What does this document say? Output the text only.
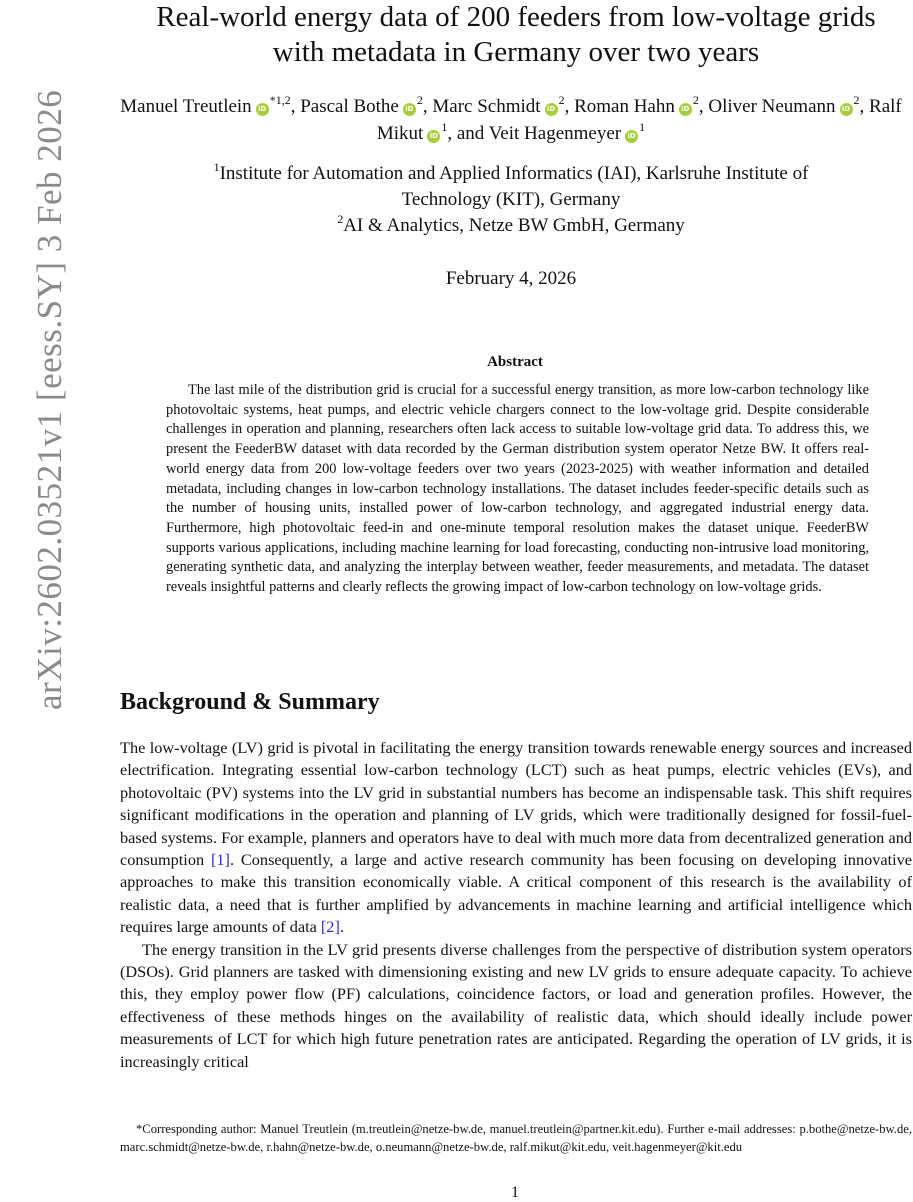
arXiv:2602.03521v1 [eess.SY] 3 Feb 2026
Real-world energy data of 200 feeders from low-voltage grids
with metadata in Germany over two years
Manuel Treutlein iD$^{*1,2}$, Pascal Bothe $iD^2$, Marc Schmidt $iD^2$, Roman Hahn $iD^2$, Oliver Neumann $iD^2$, Ralf Mikut $iD^1$, and Veit Hagenmeyer $iD^1$
$^1$Institute for Automation and Applied Informatics (IAI), Karlsruhe Institute of
Technology (KIT), Germany
$^2$AI & Analytics, Netze BW GmbH, Germany
February 4, 2026
Abstract

The last mile of the distribution grid is crucial for a successful energy transition, as more low-carbon technology like photovoltaic systems, heat pumps, and electric vehicle chargers connect to the low-voltage grid. Despite considerable challenges in operation and planning, researchers often lack access to suitable low-voltage grid data. To address this, we present the FeederBW dataset with data recorded by the German distribution system operator Netze BW. It offers real-world energy data from 200 low-voltage feeders over two years (2023-2025) with weather information and detailed metadata, including changes in low-carbon technology installations. The dataset includes feeder-specific details such as the number of housing units, installed power of low-carbon technology, and aggregated industrial energy data. Furthermore, high photovoltaic feed-in and one-minute temporal resolution makes the dataset unique. FeederBW supports various applications, including machine learning for load forecasting, conducting non-intrusive load monitoring, generating synthetic data, and analyzing the interplay between weather, feeder measurements, and metadata. The dataset reveals insightful patterns and clearly reflects the growing impact of low-carbon technology on low-voltage grids.

Background & Summary

The low-voltage (LV) grid is pivotal in facilitating the energy transition towards renewable energy sources and increased electrification. Integrating essential low-carbon technology (LCT) such as heat pumps, electric vehicles (EVs), and photovoltaic (PV) systems into the LV grid in substantial numbers has become an indispensable task. This shift requires significant modifications in the operation and planning of LV grids, which were traditionally designed for fossil-fuel-based systems. For example, planners and operators have to deal with much more data from decentralized generation and consumption [1]. Consequently, a large and active research community has been focusing on developing innovative approaches to make this transition economically viable. A critical component of this research is the availability of realistic data, a need that is further amplified by advancements in machine learning and artificial intelligence which requires large amounts of data [2].

The energy transition in the LV grid presents diverse challenges from the perspective of distribution system operators (DSOs). Grid planners are tasked with dimensioning existing and new LV grids to ensure adequate capacity. To achieve this, they employ power flow (PF) calculations, coincidence factors, or load and generation profiles. However, the effectiveness of these methods hinges on the availability of realistic data, which should ideally include power measurements of LCT for which high future penetration rates are anticipated. Regarding the operation of LV grids, it is increasingly critical

*Corresponding author: Manuel Treutlein (m.treutlein@netze-bw.de, manuel.treutlein@partner.kit.edu). Further e-mail addresses: p.bothe@netze-bw.de, marc.schmidt@netze-bw.de, r.hahn@netze-bw.de, o.neumann@netze-bw.de, ralf.mikut@kit.edu, veit.hagenmeyer@kit.edu
1
